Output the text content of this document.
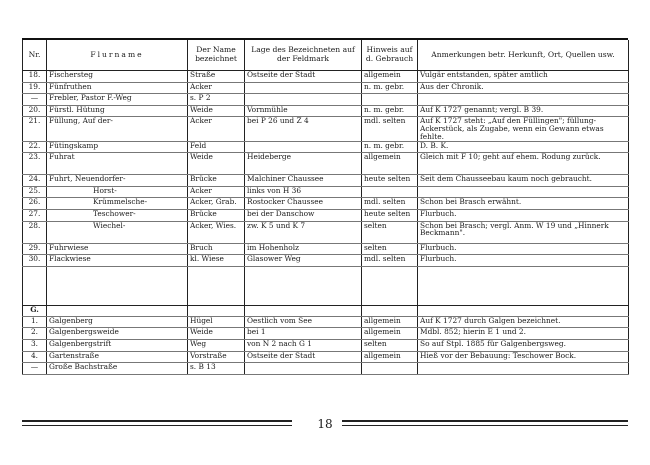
Nr.	Flurname	Der Name bezeichnet	Lage des Bezeichneten auf der Feldmark	Hinweis auf d. Gebrauch	Anmerkungen betr. Herkunft, Ort, Quellen usw.
18.	Fischersteg	Straße	Ostseite der Stadt	allgemein	Vulgär entstanden, später amtlich
19.	Fünfruthen	Acker		n. m. gebr.	Aus der Chronik.
—	Frebler, Pastor F.-Weg	s. P 2			
20.	Fürstl. Hütung	Weide	Vornmühle	n. m. gebr.	Auf K 1727 genannt; vergl. B 39.
21.	Füllung, Auf der-	Acker	bei P 26 und Z 4	mdl. selten	Auf K 1727 steht: „Auf den Füllingen"; füllung- Ackerstück, als Zugabe, wenn ein Gewann etwas fehlte.
22.	Fütingskamp	Feld		n. m. gebr.	D. B. K.
23.	Fuhrat	Weide	Heideberge	allgemein	Gleich mit F 10; geht auf ehem. Rodung zurück.
24.	Fuhrt, Neuendorfer-	Brücke	Malchiner Chaussee	heute selten	Seit dem Chausseebau kaum noch gebraucht.
25.	Horst-	Acker	links von H 36		
26.	Krümmelsche-	Acker, Grab.	Rostocker Chaussee	mdl. selten	Schon bei Brasch erwähnt.
27.	Teschower-	Brücke	bei der Danschow	heute selten	Flurbuch.
28.	Wiechel-	Acker, Wies.	zw. K 5 und K 7	selten	Schon bei Brasch; vergl. Anm. W 19 und „Hinnerk Beckmann".
29.	Fuhrwiese	Bruch	im Hohenholz	selten	Flurbuch.
30.	Flackwiese	kl. Wiese	Glasower Weg	mdl. selten	Flurbuch.

G.					
1.	Galgenberg	Hügel	Oestlich vom See	allgemein	Auf K 1727 durch Galgen bezeichnet.
2.	Galgenbergsweide	Weide	bei 1	allgemein	Mdbl. 852; hierin E 1 und 2.
3.	Galgenbergstrift	Weg	von N 2 nach G 1	selten	So auf Stpl. 1885 für Galgenbergsweg.
4.	Gartenstraße	Vorstraße	Ostseite der Stadt	allgemein	Hieß vor der Bebauung: Teschower Bock.
—	Große Bachstraße	s. B 13			
18
